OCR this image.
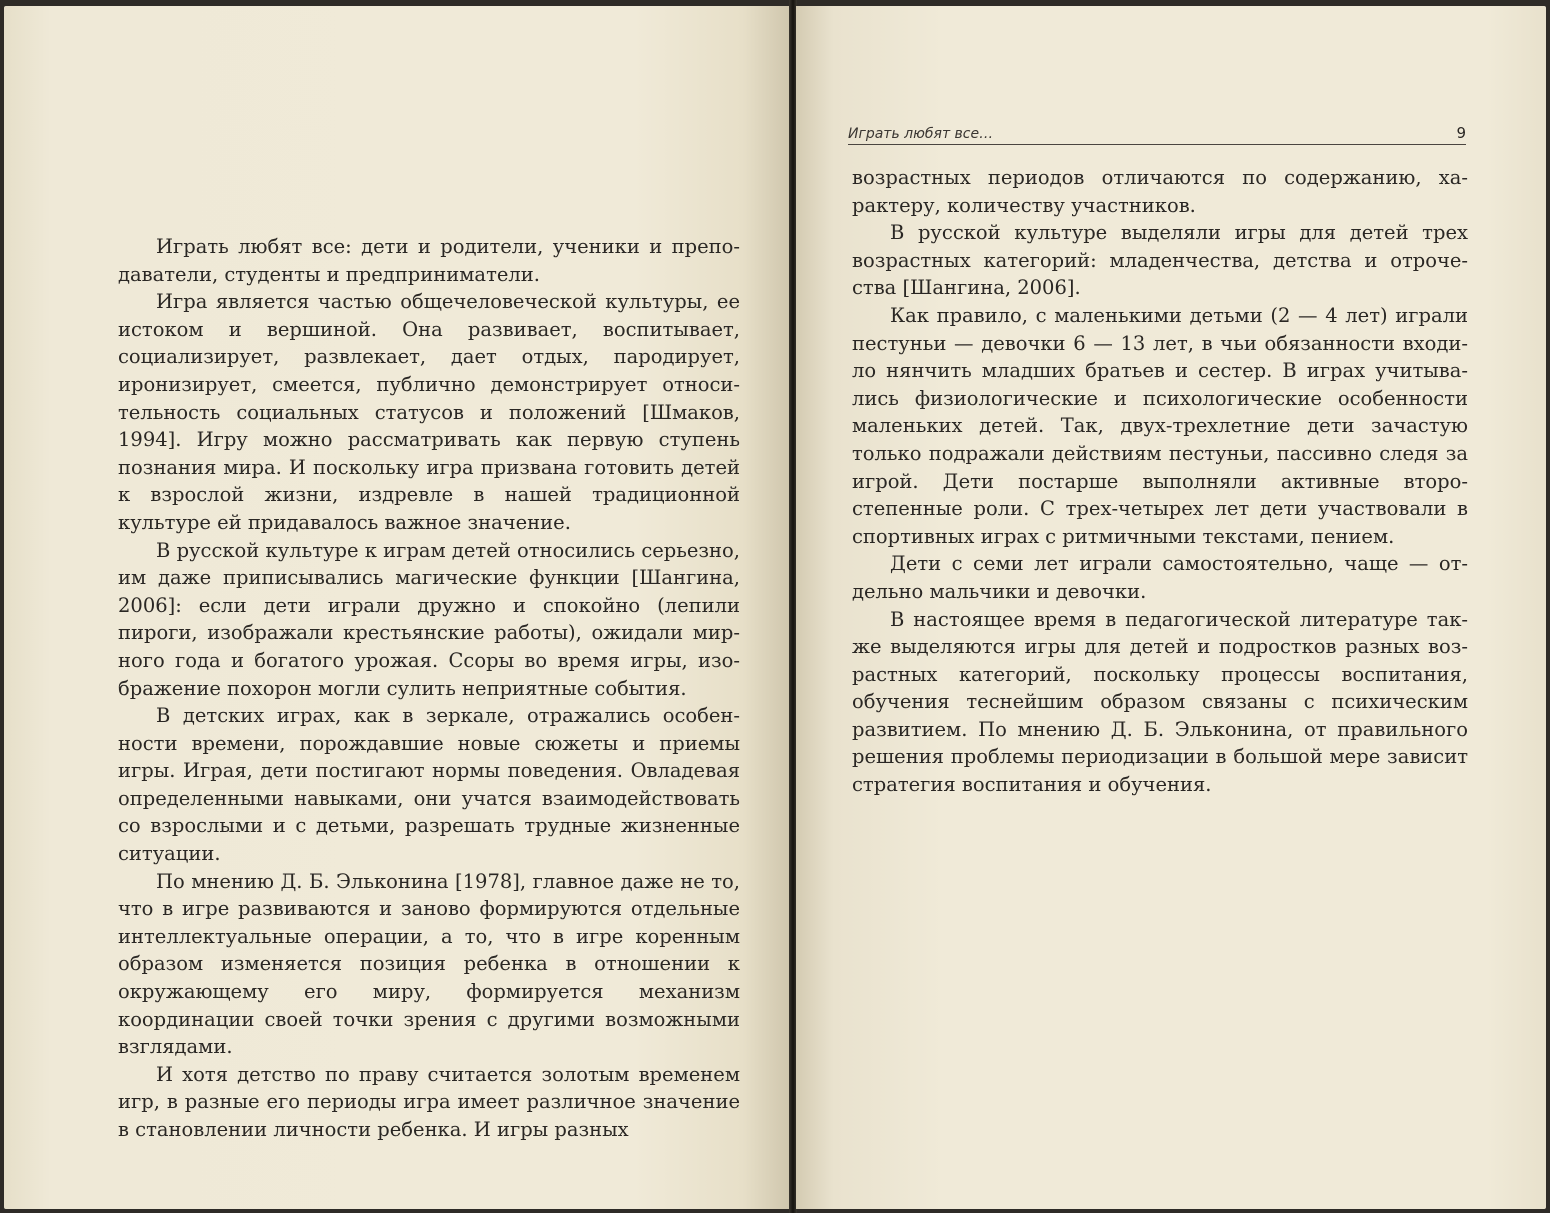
Играть любят все: дети и родители, ученики и преподаватели, студенты и предприниматели.

Игра является частью общечеловеческой культуры, ее истоком и вершиной. Она развивает, воспитывает, социализирует, развлекает, дает отдых, пародирует, иронизирует, смеется, публично демонстрирует относительность социальных статусов и положений [Шмаков, 1994]. Игру можно рассматривать как первую ступень познания мира. И поскольку игра призвана готовить детей к взрослой жизни, издревле в нашей традиционной культуре ей придавалось важное значение.

В русской культуре к играм детей относились серьезно, им даже приписывались магические функции [Шангина, 2006]: если дети играли дружно и спокойно (лепили пироги, изображали крестьянские работы), ожидали мирного года и богатого урожая. Ссоры во время игры, изображение похорон могли сулить неприятные события.

В детских играх, как в зеркале, отражались особенности времени, порождавшие новые сюжеты и приемы игры. Играя, дети постигают нормы поведения. Овладевая определенными навыками, они учатся взаимодействовать со взрослыми и с детьми, разрешать трудные жизненные ситуации.

По мнению Д. Б. Эльконина [1978], главное даже не то, что в игре развиваются и заново формируются отдельные интеллектуальные операции, а то, что в игре коренным образом изменяется позиция ребенка в отношении к окружающему его миру, формируется механизм координации своей точки зрения с другими возможными взглядами.

И хотя детство по праву считается золотым временем игр, в разные его периоды игра имеет различное значение в становлении личности ребенка. И игры разных

Играть любят все…	9

возрастных периодов отличаются по содержанию, характеру, количеству участников.

В русской культуре выделяли игры для детей трех возрастных категорий: младенчества, детства и отрочества [Шангина, 2006].

Как правило, с маленькими детьми (2 — 4 лет) играли пестуньи — девочки 6 — 13 лет, в чьи обязанности входило нянчить младших братьев и сестер. В играх учитывались физиологические и психологические особенности маленьких детей. Так, двух-трехлетние дети зачастую только подражали действиям пестуньи, пассивно следя за игрой. Дети постарше выполняли активные второстепенные роли. С трех-четырех лет дети участвовали в спортивных играх с ритмичными текстами, пением.

Дети с семи лет играли самостоятельно, чаще — отдельно мальчики и девочки.

В настоящее время в педагогической литературе также выделяются игры для детей и подростков разных возрастных категорий, поскольку процессы воспитания, обучения теснейшим образом связаны с психическим развитием. По мнению Д. Б. Эльконина, от правильного решения проблемы периодизации в большой мере зависит стратегия воспитания и обучения.
